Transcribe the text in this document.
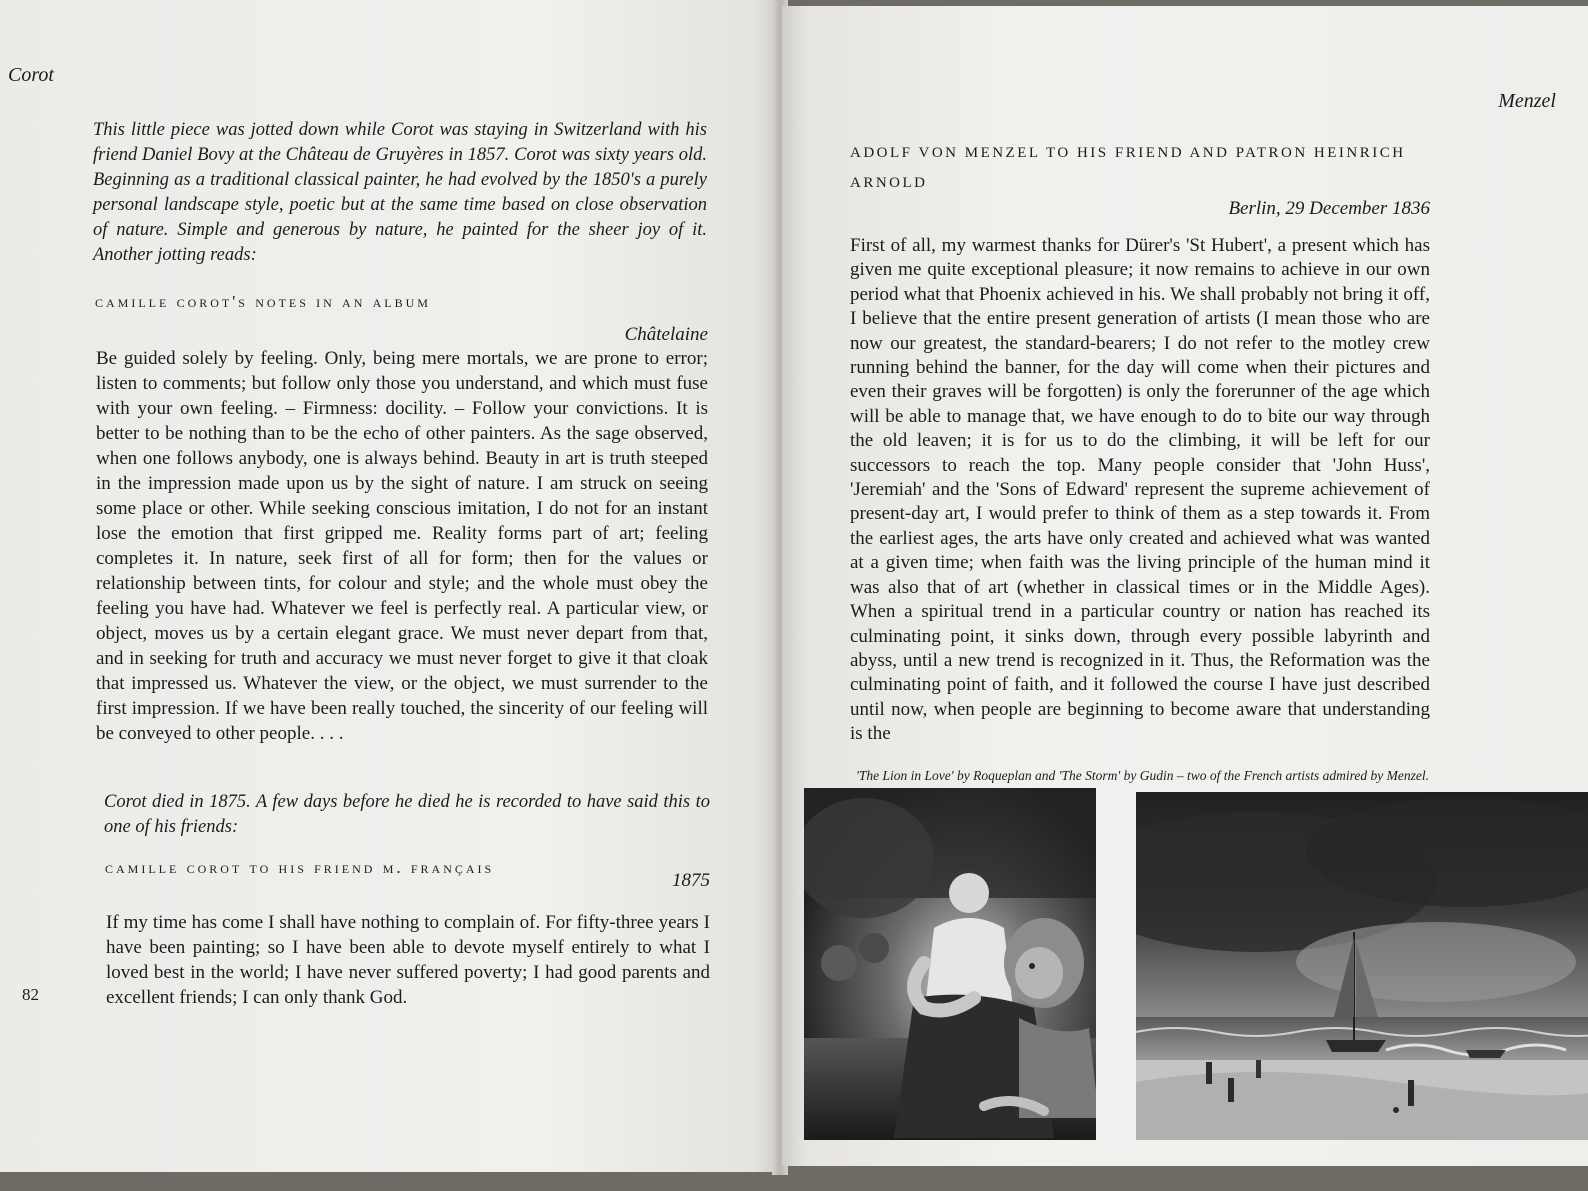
Corot
This little piece was jotted down while Corot was staying in Switzerland with his friend Daniel Bovy at the Château de Gruyères in 1857. Corot was sixty years old. Beginning as a traditional classical painter, he had evolved by the 1850's a purely personal landscape style, poetic but at the same time based on close observation of nature. Simple and generous by nature, he painted for the sheer joy of it. Another jotting reads:
camille corot's notes in an album
Châtelaine
Be guided solely by feeling. Only, being mere mortals, we are prone to error; listen to comments; but follow only those you understand, and which must fuse with your own feeling. – Firmness: docility. – Follow your convictions. It is better to be nothing than to be the echo of other painters. As the sage observed, when one follows anybody, one is always behind. Beauty in art is truth steeped in the impression made upon us by the sight of nature. I am struck on seeing some place or other. While seeking conscious imitation, I do not for an instant lose the emotion that first gripped me. Reality forms part of art; feeling completes it. In nature, seek first of all for form; then for the values or relationship between tints, for colour and style; and the whole must obey the feeling you have had. Whatever we feel is perfectly real. A particular view, or object, moves us by a certain elegant grace. We must never depart from that, and in seeking for truth and accuracy we must never forget to give it that cloak that impressed us. Whatever the view, or the object, we must surrender to the first impression. If we have been really touched, the sincerity of our feeling will be conveyed to other people. . . .
Corot died in 1875. A few days before he died he is recorded to have said this to one of his friends:
camille corot to his friend m. français
1875
If my time has come I shall have nothing to complain of. For fifty-three years I have been painting; so I have been able to devote myself entirely to what I loved best in the world; I have never suffered poverty; I had good parents and excellent friends; I can only thank God.
82
Menzel
ADOLF VON MENZEL TO HIS FRIEND AND PATRON HEINRICH ARNOLD
Berlin, 29 December 1836
First of all, my warmest thanks for Dürer's 'St Hubert', a present which has given me quite exceptional pleasure; it now remains to achieve in our own period what that Phoenix achieved in his. We shall probably not bring it off, I believe that the entire present generation of artists (I mean those who are now our greatest, the standard-bearers; I do not refer to the motley crew running behind the banner, for the day will come when their pictures and even their graves will be forgotten) is only the forerunner of the age which will be able to manage that, we have enough to do to bite our way through the old leaven; it is for us to do the climbing, it will be left for our successors to reach the top. Many people consider that 'John Huss', 'Jeremiah' and the 'Sons of Edward' represent the supreme achievement of present-day art, I would prefer to think of them as a step towards it. From the earliest ages, the arts have only created and achieved what was wanted at a given time; when faith was the living principle of the human mind it was also that of art (whether in classical times or in the Middle Ages). When a spiritual trend in a particular country or nation has reached its culminating point, it sinks down, through every possible labyrinth and abyss, until a new trend is recognized in it. Thus, the Reformation was the culminating point of faith, and it followed the course I have just described until now, when people are beginning to become aware that understanding is the
'The Lion in Love' by Roqueplan and 'The Storm' by Gudin – two of the French artists admired by Menzel.
